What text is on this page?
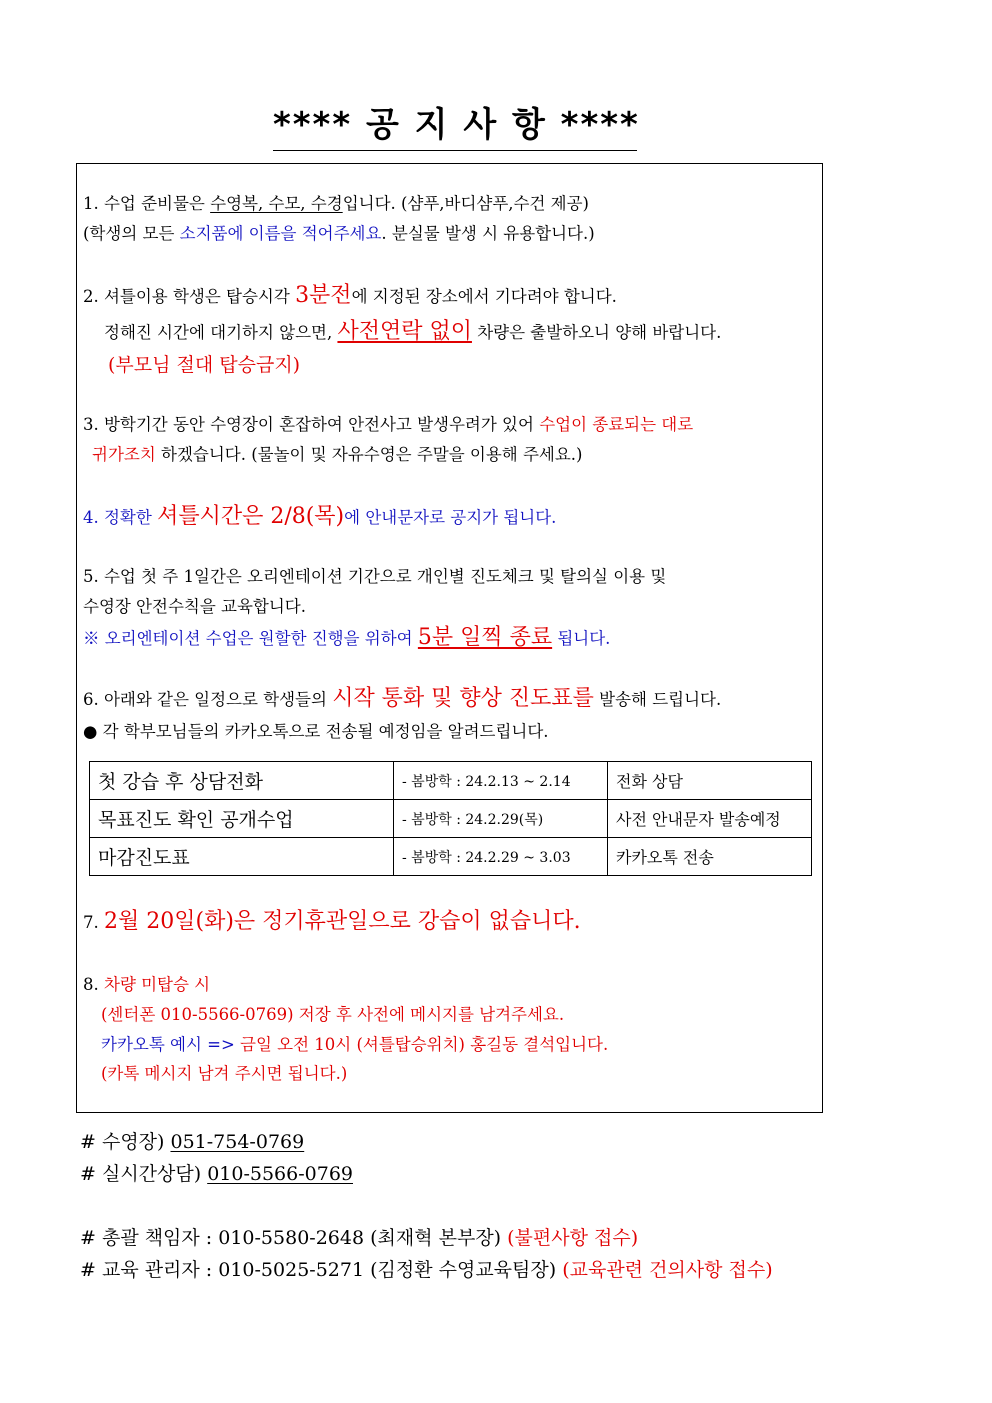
**** 공 지 사 항 ****
1. 수업 준비물은 수영복, 수모, 수경입니다. (샴푸,바디샴푸,수건 제공)
(학생의 모든 소지품에 이름을 적어주세요. 분실물 발생 시 유용합니다.)
2. 셔틀이용 학생은 탑승시각 3분전에 지정된 장소에서 기다려야 합니다.
정해진 시간에 대기하지 않으면, 사전연락 없이 차량은 출발하오니 양해 바랍니다.
(부모님 절대 탑승금지)
3. 방학기간 동안 수영장이 혼잡하여 안전사고 발생우려가 있어 수업이 종료되는 대로
귀가조치 하겠습니다. (물놀이 및 자유수영은 주말을 이용해 주세요.)
4. 정확한 셔틀시간은 2/8(목)에 안내문자로 공지가 됩니다.
5. 수업 첫 주 1일간은 오리엔테이션 기간으로 개인별 진도체크 및 탈의실 이용 및
수영장 안전수칙을 교육합니다.
※ 오리엔테이션 수업은 원할한 진행을 위하여 5분 일찍 종료 됩니다.
6. 아래와 같은 일정으로 학생들의 시작 통화 및 향상 진도표를 발송해 드립니다.
● 각 학부모님들의 카카오톡으로 전송될 예정임을 알려드립니다.
첫 강습 후 상담전화	- 봄방학 : 24.2.13 ~ 2.14	전화 상담
목표진도 확인 공개수업	- 봄방학 : 24.2.29(목)	사전 안내문자 발송예정
마감진도표	- 봄방학 : 24.2.29 ~ 3.03	카카오톡 전송
7. 2월 20일(화)은 정기휴관일으로 강습이 없습니다.
8. 차량 미탑승 시
(센터폰 010-5566-0769) 저장 후 사전에 메시지를 남겨주세요.
카카오톡 예시 => 금일 오전 10시 (셔틀탑승위치) 홍길동 결석입니다.
(카톡 메시지 남겨 주시면 됩니다.)
# 수영장) 051-754-0769
# 실시간상담) 010-5566-0769
# 총괄 책임자 : 010-5580-2648 (최재혁 본부장) (불편사항 접수)
# 교육 관리자 : 010-5025-5271 (김정환 수영교육팀장) (교육관련 건의사항 접수)
